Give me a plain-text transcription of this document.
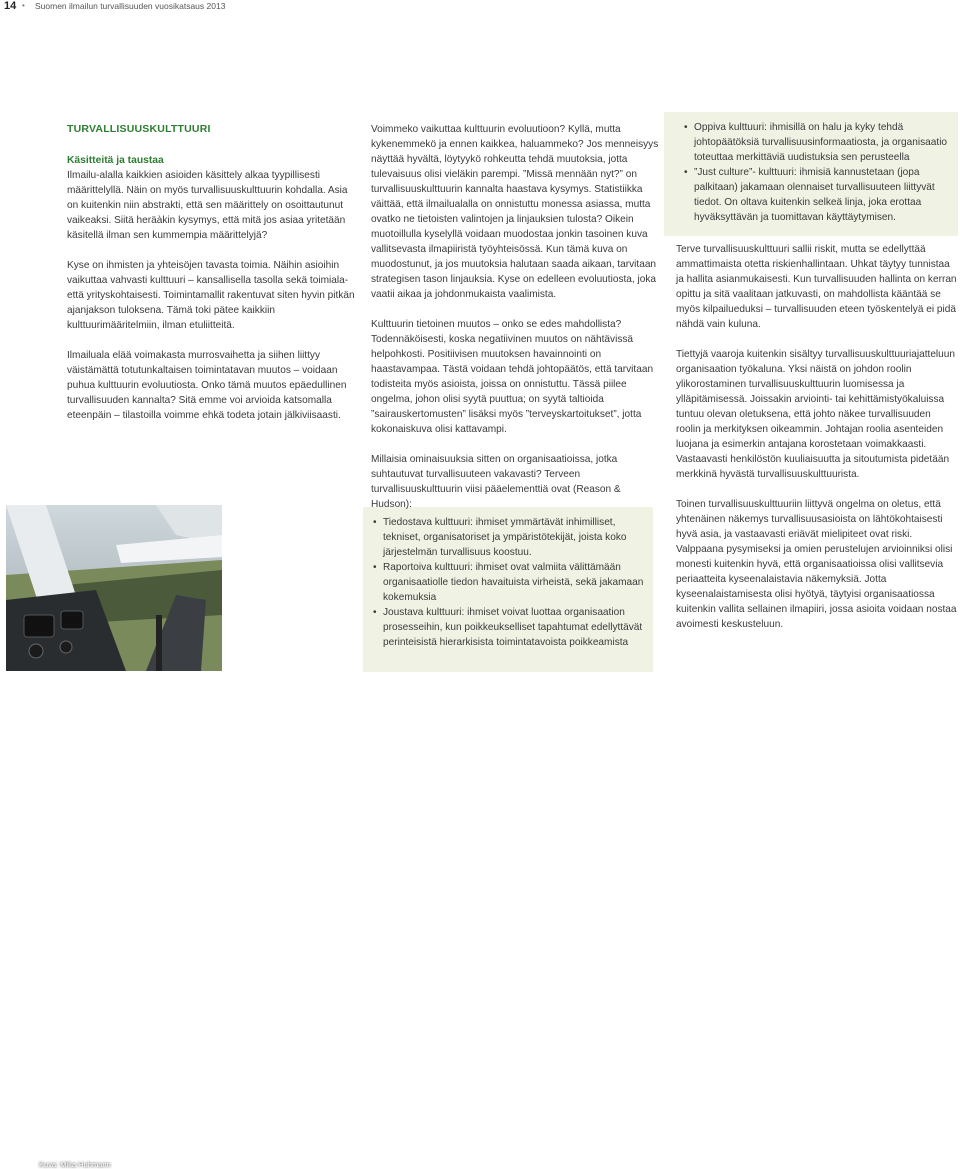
14 • Suomen ilmailun turvallisuuden vuosikatsaus 2013
• Oppiva kulttuuri: ihmisillä on halu ja kyky tehdä johtopäätöksiä turvallisuusinformaatiosta, ja organisaatio toteuttaa merkittäviä uudistuksia sen perusteella
• ”Just culture”- kulttuuri: ihmisiä kannustetaan (jopa palkitaan) jakamaan olennaiset turvallisuuteen liittyvät tiedot. On oltava kuitenkin selkeä linja, joka erottaa hyväksyttävän ja tuomittavan käyttäytymisen.
• Tiedostava kulttuuri: ihmiset ymmärtävät inhimilliset, tekniset, organisatoriset ja ympäristötekijät, joista koko järjestelmän turvallisuus koostuu.
• Raportoiva kulttuuri: ihmiset ovat valmiita välittämään organisaatiolle tiedon havaituista virheistä, sekä jakamaan kokemuksia
• Joustava kulttuuri: ihmiset voivat luottaa organisaation prosesseihin, kun poikkeukselliset tapahtumat edellyttävät perinteisistä hierarkisista toimintatavoista poikkeamista
TURVALLISUUSKULTTUURI
Käsitteitä ja taustaa

Ilmailu-alalla kaikkien asioiden käsittely alkaa tyypillisesti määrittelyllä. Näin on myös turvallisuuskulttuurin kohdalla. Asia on kuitenkin niin abstrakti, että sen määrittely on osoittautunut vaikeaksi. Siitä heräàkin kysymys, että mitä jos asiaa yritetään käsitellä ilman sen kummempia määrittelyjä?

Kyse on ihmisten ja yhteisöjen tavasta toimia. Näihin asioihin vaikuttaa vahvasti kulttuuri – kansallisella tasolla sekä toimiala- että yrityskohtaisesti. Toimintamallit rakentuvat siten hyvin pitkän ajanjakson tuloksena. Tämä toki pätee kaikkiin kulttuurimääritelmiin, ilman etuliitteitä.

Ilmailuala elää voimakasta murrosvaihetta ja siihen liittyy väistämättä totutunkaltaisen toimintatavan muutos – voidaan puhua kulttuurin evoluutiosta. Onko tämä muutos epäedullinen turvallisuuden kannalta? Sitä emme voi arvioida katsomalla eteenpäin – tilastoilla voimme ehkä todeta jotain jälkiviisaasti.

Voimmeko vaikuttaa kulttuurin evoluutioon? Kyllä, mutta kykenemmekö ja ennen kaikkea, haluammeko? Jos menneisyys näyttää hyvältä, löytyykö rohkeutta tehdä muutoksia, jotta tulevaisuus olisi vieläkin parempi. ”Missä mennään nyt?” on turvallisuuskulttuurin kannalta haastava kysymys. Statistiikka väittää, että ilmailualalla on onnistuttu monessa asiassa, mutta ovatko ne tietoisten valintojen ja linjauksien tulosta? Oikein muotoillulla kyselyllä voidaan muodostaa jonkin tasoinen kuva vallitsevasta ilmapiiristä työyhteisössä. Kun tämä kuva on muodostunut, ja jos muutoksia halutaan saada aikaan, tarvitaan strategisen tason linjauksia. Kyse on edelleen evoluutiosta, joka vaatii aikaa ja johdonmukaista vaalimista.

Kulttuurin tietoinen muutos – onko se edes mahdollista? Todennäköisesti, koska negatiivinen muutos on nähtävissä helpohkosti. Positiivisen muutoksen havainnointi on haastavampaa. Tästä voidaan tehdä johtopäätös, että tarvitaan todisteita myös asioista, joissa on onnistuttu. Tässä piilee ongelma, johon olisi syytä puuttua; on syytä taltioida ”sairauskertomusten” lisäksi myös ”terveyskartoitukset”, jotta kokonaiskuva olisi kattavampi.

Millaisia ominaisuuksia sitten on organisaatioissa, jotka suhtautuvat turvallisuuteen vakavasti? Terveen turvallisuuskulttuurin viisi pääelementtiä ovat (Reason & Hudson):

Terve turvallisuuskulttuuri sallii riskit, mutta se edellyttää ammattimaista otetta riskienhallintaan. Uhkat täytyy tunnistaa ja hallita asianmukaisesti. Kun turvallisuuden hallinta on kerran opittu ja sitä vaalitaan jatkuvasti, on mahdollista kääntää se myös kilpailueduksi – turvallisuuden eteen työskentelyä ei pidä nähdä vain kuluna.

Tiettyjä vaaroja kuitenkin sisältyy turvallisuuskulttuuriajatteluun organisaation työkaluna. Yksi näistä on johdon roolin ylikorostaminen turvallisuuskulttuurin luomisessa ja ylläpitämisessä. Joissakin arviointi- tai kehittämistyökaluissa tuntuu olevan oletuksena, että johto näkee turvallisuuden roolin ja merkityksen oikeammin. Johtajan roolia asenteiden luojana ja esimerkin antajana korostetaan voimakkaasti. Vastaavasti henkilöstön kuuliaisuutta ja sitoutumista pidetään merkkinä hyvästä turvallisuuskulttuurista.

Toinen turvallisuuskulttuuriin liittyvä ongelma on oletus, että yhtenäinen näkemys turvallisuusasioista on lähtökohtaisesti hyvä asia, ja vastaavasti eriävät mielipiteet ovat riski. Valppaana pysymiseksi ja omien perustelujen arvioinniksi olisi monesti kuitenkin hyvä, että organisaatioissa olisi vallitsevia periaatteita kyseenalaistavia näkemyksiä. Jotta kyseenalaistamisesta olisi hyötyä, täytyisi organisaatiossa kuitenkin vallita sellainen ilmapiiri, jossa asioita voidaan nostaa avoimesti keskusteluun.

Kuva: Mika Huhmann
